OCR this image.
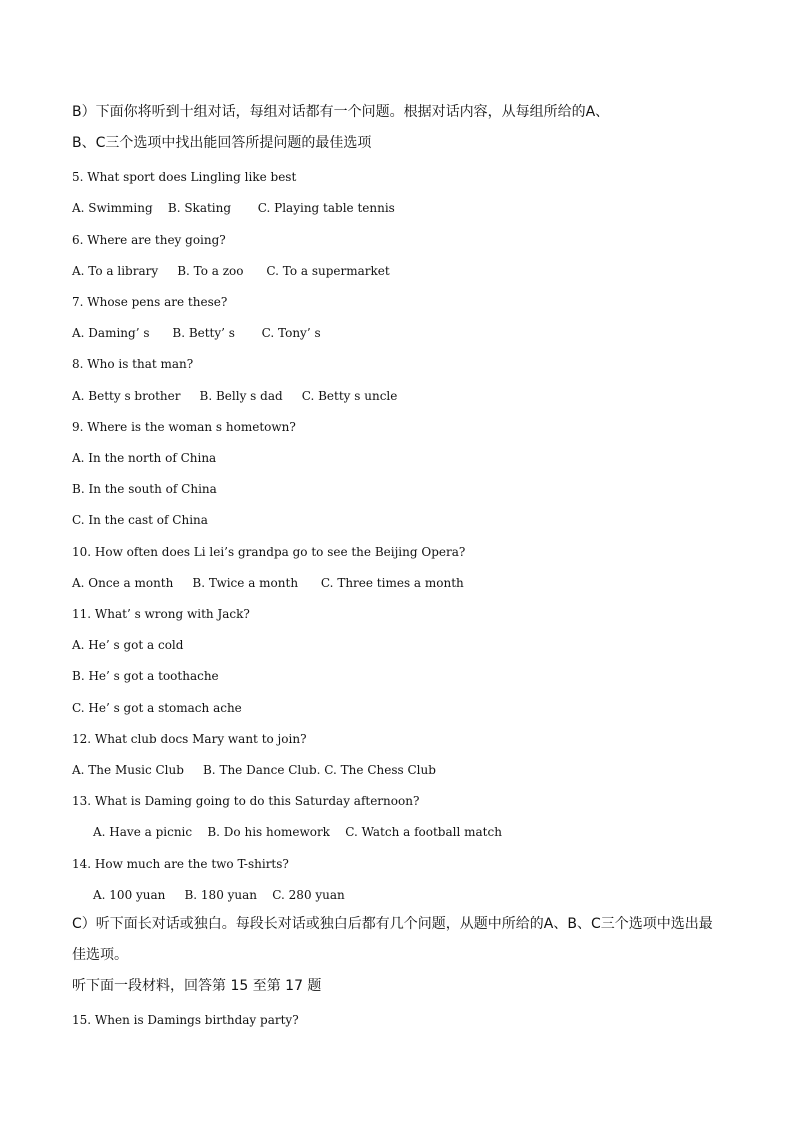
B）下面你将听到十组对话，每组对话都有一个问题。根据对话内容，从每组所给的A、
B、C三个选项中找出能回答所提问题的最佳选项
5. What sport does Lingling like best
A. Swimming    B. Skating       C. Playing table tennis
6. Where are they going?
A. To a library     B. To a zoo      C. To a supermarket
7. Whose pens are these?
A. Daming’ s      B. Betty’ s       C. Tony’ s
8. Who is that man?
A. Betty s brother     B. Belly s dad     C. Betty s uncle
9. Where is the woman s hometown?
A. In the north of China
B. In the south of China
C. In the cast of China
10. How often does Li lei’s grandpa go to see the Beijing Opera?
A. Once a month     B. Twice a month      C. Three times a month
11. What’ s wrong with Jack?
A. He’ s got a cold
B. He’ s got a toothache
C. He’ s got a stomach ache
12. What club docs Mary want to join?
A. The Music Club     B. The Dance Club. C. The Chess Club
13. What is Daming going to do this Saturday afternoon?
A. Have a picnic    B. Do his homework    C. Watch a football match
14. How much are the two T-shirts?
A. 100 yuan     B. 180 yuan    C. 280 yuan
C）听下面长对话或独白。每段长对话或独白后都有几个问题，从题中所给的A、B、C三个选项中选出最
佳选项。
听下面一段材料，回答第 15 至第 17 题
15. When is Damings birthday party?
